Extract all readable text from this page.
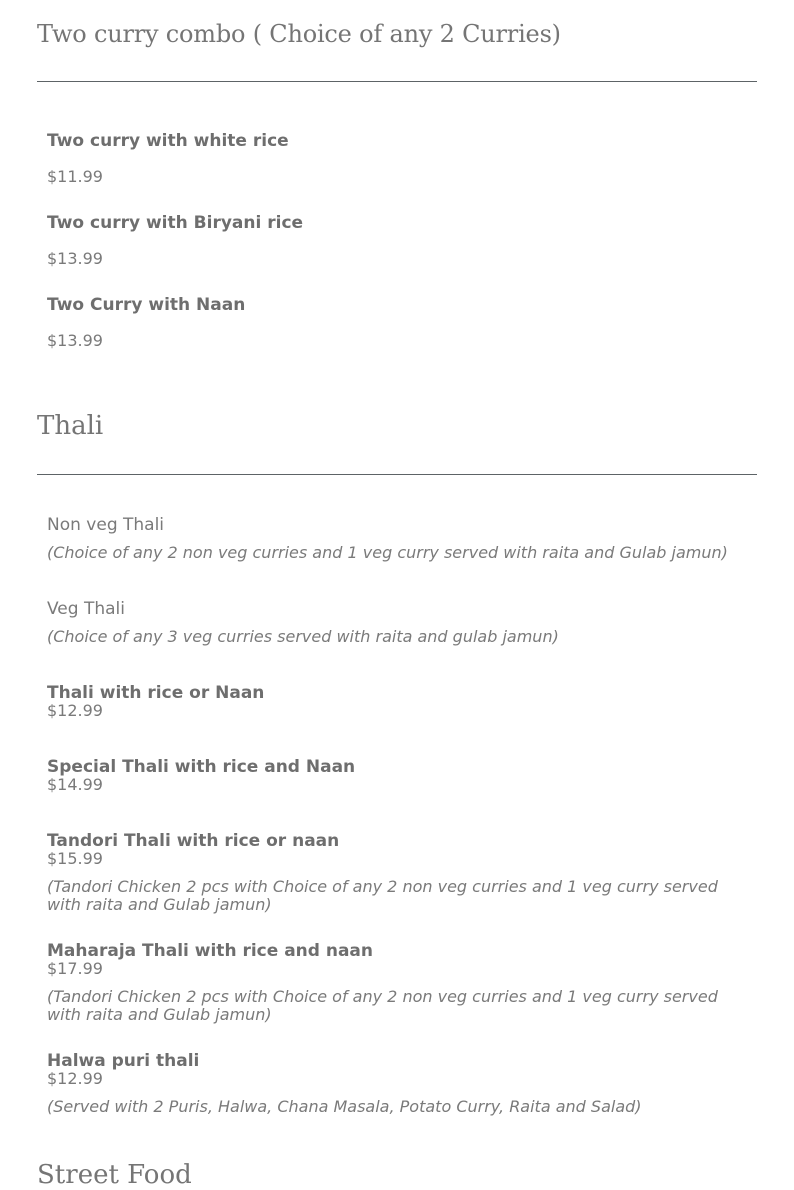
Two curry combo ( Choice of any 2 Curries)
Two curry with white rice
$11.99
Two curry with Biryani rice
$13.99
Two Curry with Naan
$13.99
Thali
Non veg Thali
(Choice of any 2 non veg curries and 1 veg curry served with raita and Gulab jamun)
Veg Thali
(Choice of any 3 veg curries served with raita and gulab jamun)
Thali with rice or Naan
$12.99
Special Thali with rice and Naan
$14.99
Tandori Thali with rice or naan
$15.99
(Tandori Chicken 2 pcs with Choice of any 2 non veg curries and 1 veg curry served with raita and Gulab jamun)
Maharaja Thali with rice and naan
$17.99
(Tandori Chicken 2 pcs with Choice of any 2 non veg curries and 1 veg curry served with raita and Gulab jamun)
Halwa puri thali
$12.99
(Served with 2 Puris, Halwa, Chana Masala, Potato Curry, Raita and Salad)
Street Food
